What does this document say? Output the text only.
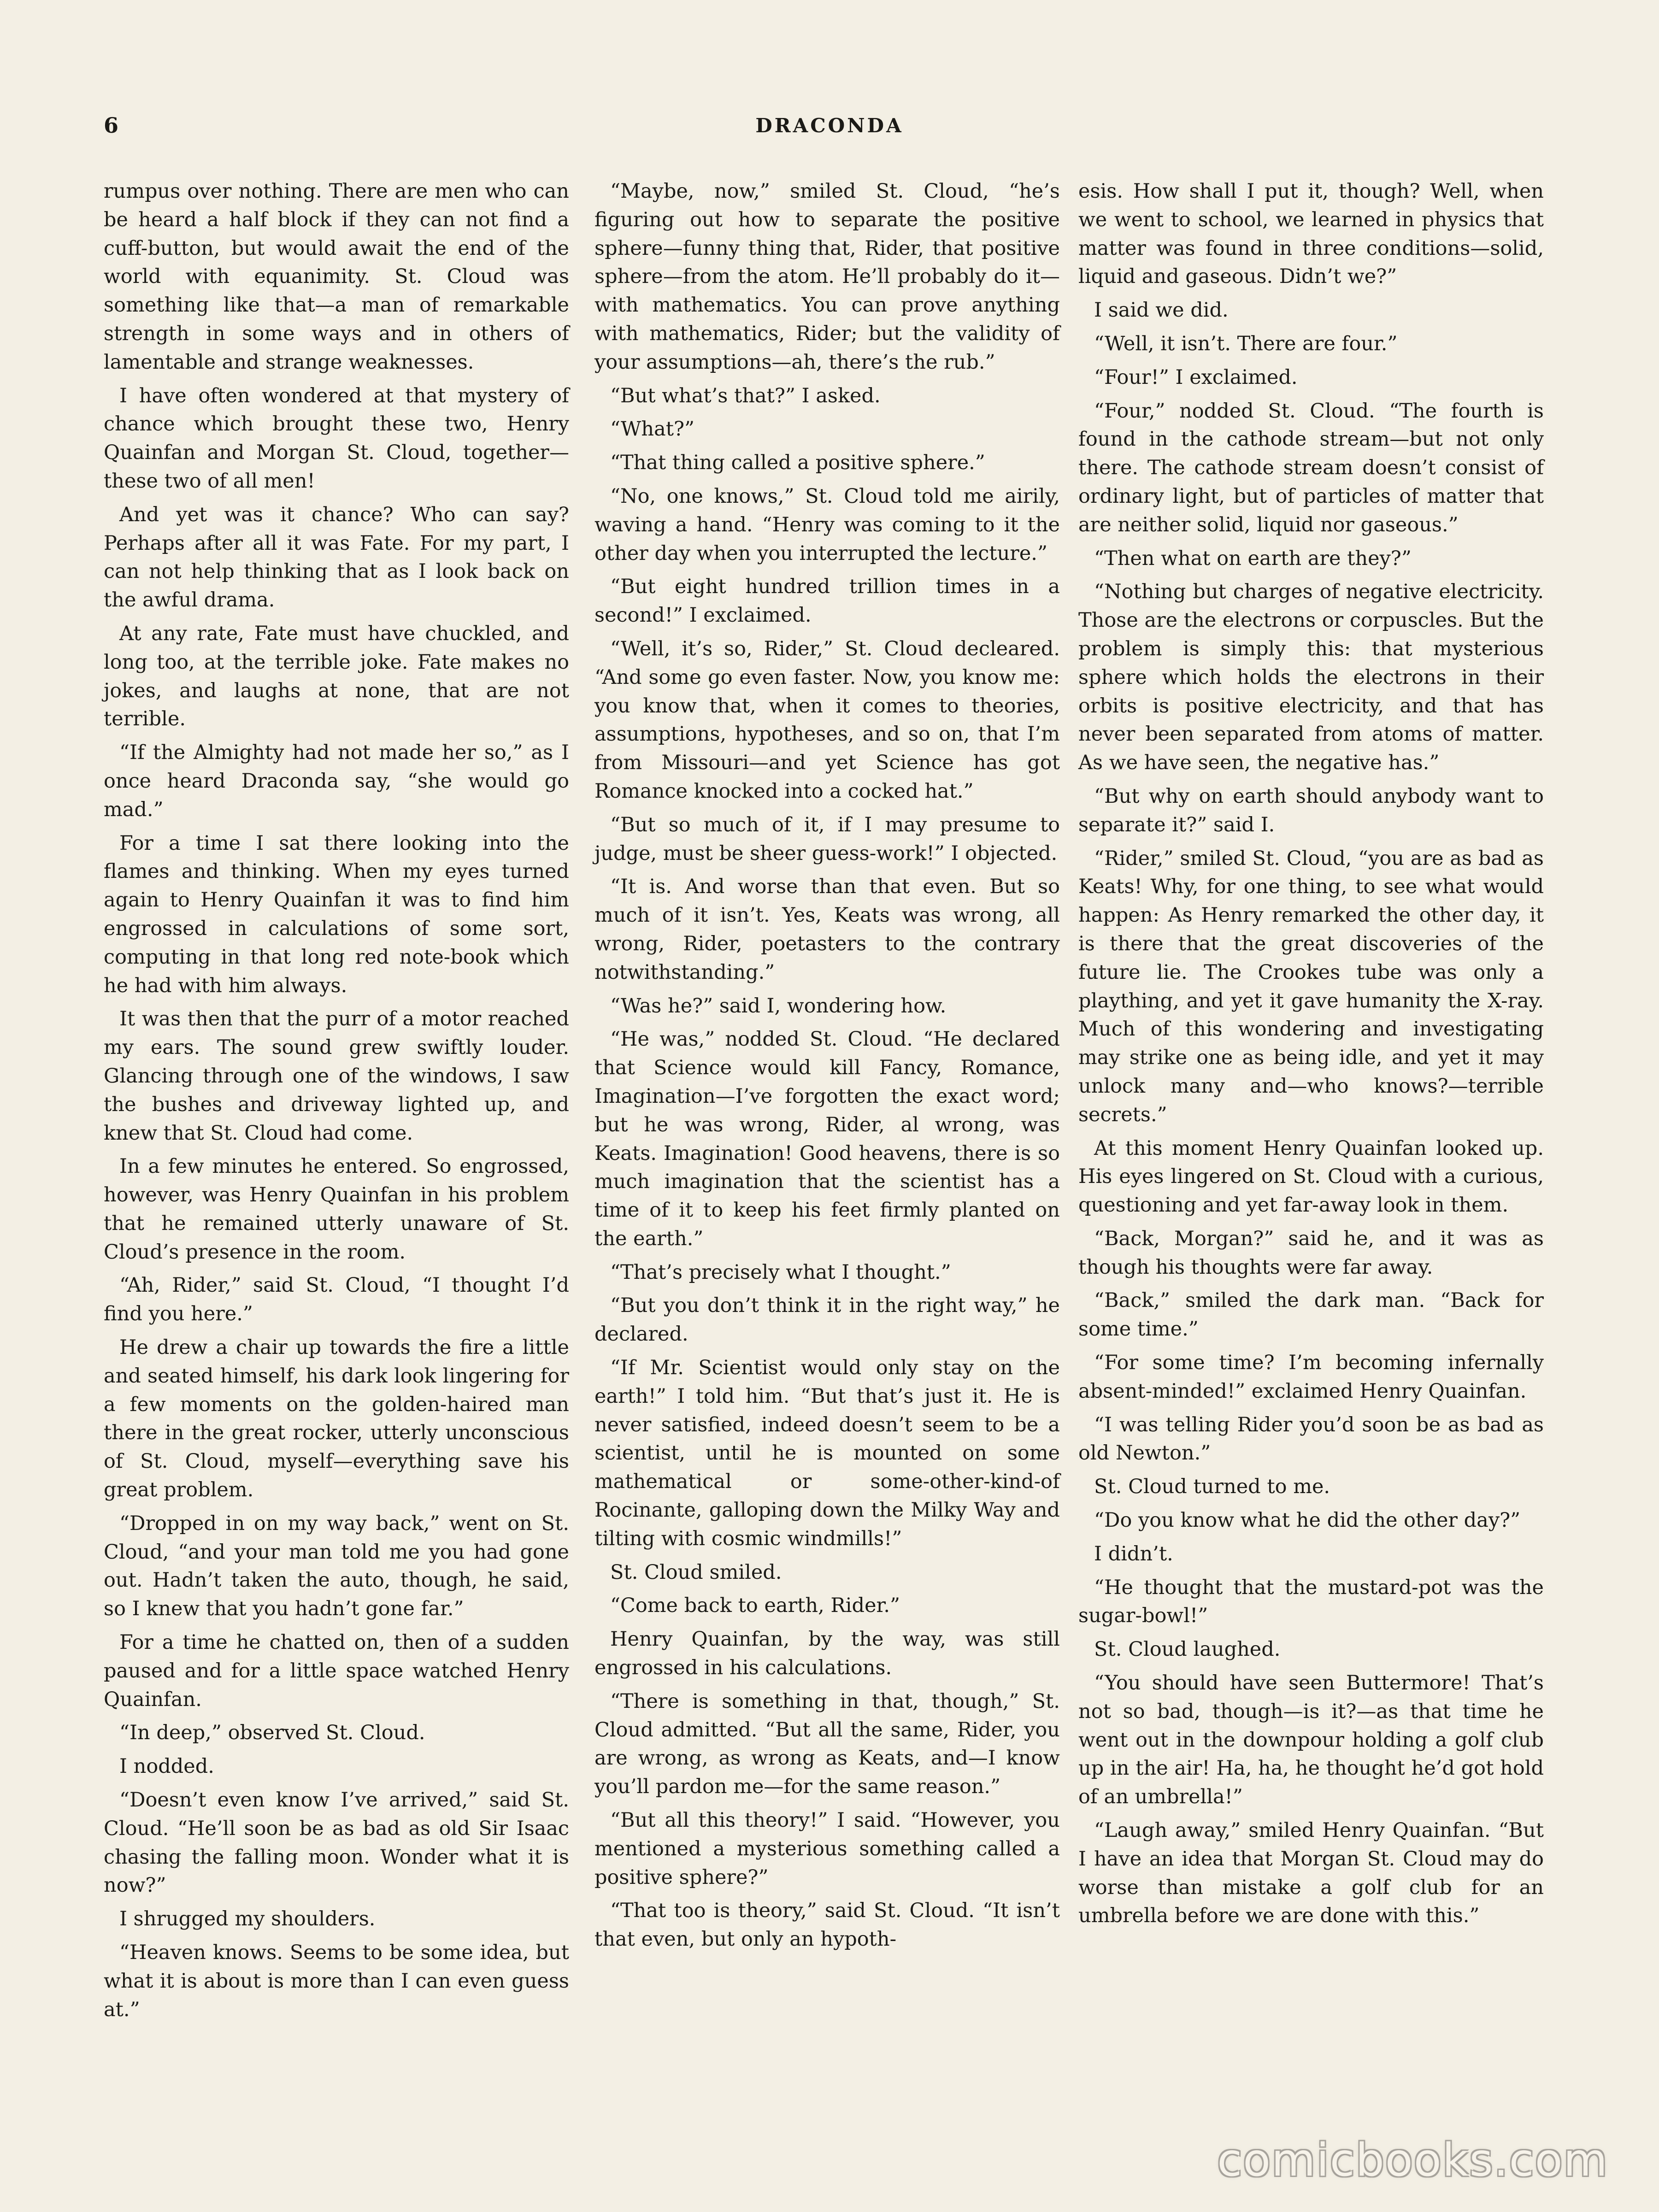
6	DRACONDA

rumpus over nothing. There are men who can be heard a half block if they can not find a cuff-button, but would await the end of the world with equanimity. St. Cloud was something like that—a man of remarkable strength in some ways and in others of lamentable and strange weaknesses.

I have often wondered at that mystery of chance which brought these two, Henry Quainfan and Morgan St. Cloud, together—these two of all men!

And yet was it chance? Who can say? Perhaps after all it was Fate. For my part, I can not help thinking that as I look back on the awful drama.

At any rate, Fate must have chuckled, and long too, at the terrible joke. Fate makes no jokes, and laughs at none, that are not terrible.

“If the Almighty had not made her so,” as I once heard Draconda say, “she would go mad.”

For a time I sat there looking into the flames and thinking. When my eyes turned again to Henry Quainfan it was to find him engrossed in calculations of some sort, computing in that long red note-book which he had with him always.

It was then that the purr of a motor reached my ears. The sound grew swiftly louder. Glancing through one of the windows, I saw the bushes and driveway lighted up, and knew that St. Cloud had come.

In a few minutes he entered. So engrossed, however, was Henry Quainfan in his problem that he remained utterly unaware of St. Cloud’s presence in the room.

“Ah, Rider,” said St. Cloud, “I thought I’d find you here.”

He drew a chair up towards the fire a little and seated himself, his dark look lingering for a few moments on the golden-haired man there in the great rocker, utterly unconscious of St. Cloud, myself—everything save his great problem.

“Dropped in on my way back,” went on St. Cloud, “and your man told me you had gone out. Hadn’t taken the auto, though, he said, so I knew that you hadn’t gone far.”

For a time he chatted on, then of a sudden paused and for a little space watched Henry Quainfan.

“In deep,” observed St. Cloud.

I nodded.

“Doesn’t even know I’ve arrived,” said St. Cloud. “He’ll soon be as bad as old Sir Isaac chasing the falling moon. Wonder what it is now?”

I shrugged my shoulders.

“Heaven knows. Seems to be some idea, but what it is about is more than I can even guess at.”

“Maybe, now,” smiled St. Cloud, “he’s figuring out how to separate the positive sphere—funny thing that, Rider, that positive sphere—from the atom. He’ll probably do it—with mathematics. You can prove anything with mathematics, Rider; but the validity of your assumptions—ah, there’s the rub.”

“But what’s that?” I asked.

“What?”

“That thing called a positive sphere.”

“No, one knows,” St. Cloud told me airily, waving a hand. “Henry was coming to it the other day when you interrupted the lecture.”

“But eight hundred trillion times in a second!” I exclaimed.

“Well, it’s so, Rider,” St. Cloud decleared. “And some go even faster. Now, you know me: you know that, when it comes to theories, assumptions, hypotheses, and so on, that I’m from Missouri—and yet Science has got Romance knocked into a cocked hat.”

“But so much of it, if I may presume to judge, must be sheer guess-work!” I objected.

“It is. And worse than that even. But so much of it isn’t. Yes, Keats was wrong, all wrong, Rider, poetasters to the contrary notwithstanding.”

“Was he?” said I, wondering how.

“He was,” nodded St. Cloud. “He declared that Science would kill Fancy, Romance, Imagination—I’ve forgotten the exact word; but he was wrong, Rider, al wrong, was Keats. Imagination! Good heavens, there is so much imagination that the scientist has a time of it to keep his feet firmly planted on the earth.”

“That’s precisely what I thought.”

“But you don’t think it in the right way,” he declared.

“If Mr. Scientist would only stay on the earth!” I told him. “But that’s just it. He is never satisfied, indeed doesn’t seem to be a scientist, until he is mounted on some mathematical or some-other-kind-of Rocinante, galloping down the Milky Way and tilting with cosmic windmills!”

St. Cloud smiled.

“Come back to earth, Rider.”

Henry Quainfan, by the way, was still engrossed in his calculations.

“There is something in that, though,” St. Cloud admitted. “But all the same, Rider, you are wrong, as wrong as Keats, and—I know you’ll pardon me—for the same reason.”

“But all this theory!” I said. “However, you mentioned a mysterious something called a positive sphere?”

“That too is theory,” said St. Cloud. “It isn’t that even, but only an hypoth-

esis. How shall I put it, though? Well, when we went to school, we learned in physics that matter was found in three conditions—solid, liquid and gaseous. Didn’t we?”

I said we did.

“Well, it isn’t. There are four.”

“Four!” I exclaimed.

“Four,” nodded St. Cloud. “The fourth is found in the cathode stream—but not only there. The cathode stream doesn’t consist of ordinary light, but of particles of matter that are neither solid, liquid nor gaseous.”

“Then what on earth are they?”

“Nothing but charges of negative electricity. Those are the electrons or corpuscles. But the problem is simply this: that mysterious sphere which holds the electrons in their orbits is positive electricity, and that has never been separated from atoms of matter. As we have seen, the negative has.”

“But why on earth should anybody want to separate it?” said I.

“Rider,” smiled St. Cloud, “you are as bad as Keats! Why, for one thing, to see what would happen: As Henry remarked the other day, it is there that the great discoveries of the future lie. The Crookes tube was only a plaything, and yet it gave humanity the X-ray. Much of this wondering and investigating may strike one as being idle, and yet it may unlock many and—who knows?—terrible secrets.”

At this moment Henry Quainfan looked up. His eyes lingered on St. Cloud with a curious, questioning and yet far-away look in them.

“Back, Morgan?” said he, and it was as though his thoughts were far away.

“Back,” smiled the dark man. “Back for some time.”

“For some time? I’m becoming infernally absent-minded!” exclaimed Henry Quainfan.

“I was telling Rider you’d soon be as bad as old Newton.”

St. Cloud turned to me.

“Do you know what he did the other day?”

I didn’t.

“He thought that the mustard-pot was the sugar-bowl!”

St. Cloud laughed.

“You should have seen Buttermore! That’s not so bad, though—is it?—as that time he went out in the downpour holding a golf club up in the air! Ha, ha, he thought he’d got hold of an umbrella!”

“Laugh away,” smiled Henry Quainfan. “But I have an idea that Morgan St. Cloud may do worse than mistake a golf club for an umbrella before we are done with this.”

comicbooks.com
